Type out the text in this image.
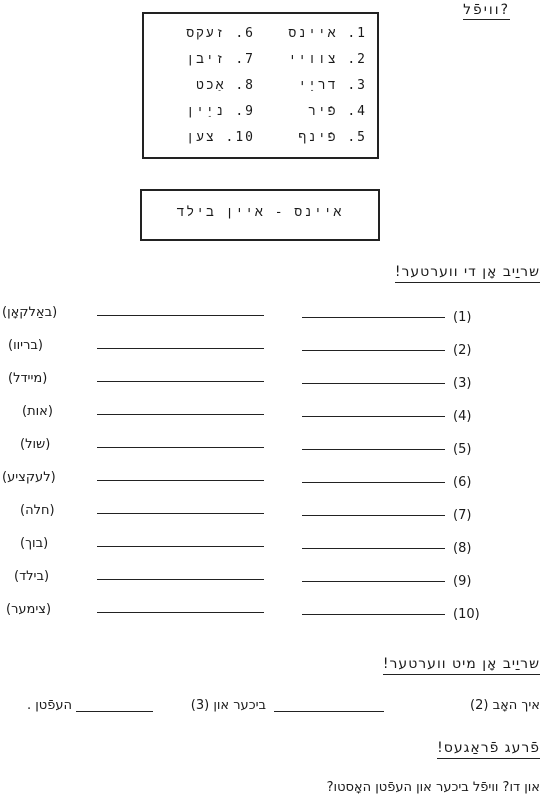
וויפֿל?
1. איינס
2. צוויי
3. דריַי
4. פֿיר
5. פֿינף
6. זעקס
7. זיבן
8. אַכט
9. ניַין
10. צען
איינס - איין בילד
שריַיב אָן די ווערטער!
(באַלקאָן)	(1)
(בריוו)	(2)
(מיידל)	(3)
(אות)	(4)
(שול)	(5)
(לעקציע)	(6)
(חלה)	(7)
(בוך)	(8)
(בילד)	(9)
(צימער)	(10)
שריַיב אָן מיט ווערטער!
איך האָב (2)
ביכער און (3)
העפֿטן .
פֿרעג פֿראַגעס!
און דו? וויפֿל ביכער און העפֿטן האָסטו?
